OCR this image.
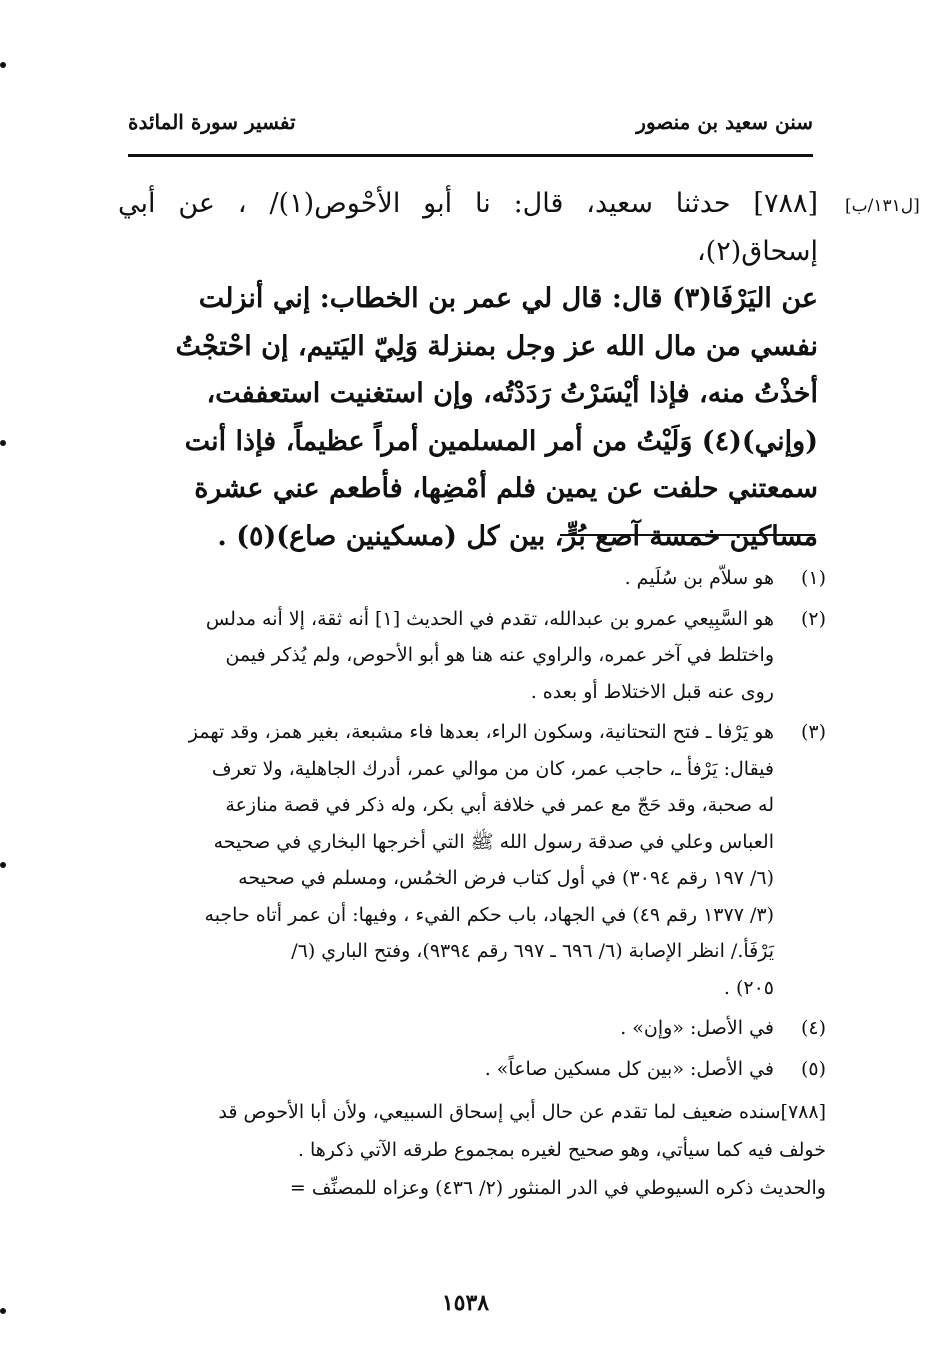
سنن سعيد بن منصور
تفسير سورة المائدة
[ل١٣١/ب]

[٧٨٨] حدثنا سعيد، قال: نا أبو الأحْوص(١)/ ، عن أبي إسحاق(٢)،

عن اليَرْفَا(٣) قال: قال لي عمر بن الخطاب: إني أنزلت

نفسي من مال الله عز وجل بمنزلة وَلِيّ اليَتيم، إن احْتجْتُ

أخذْتُ منه، فإذا أيْسَرْتُ رَدَدْتُه، وإن استغنيت استعففت،

(وإني)(٤) وَلَيْتُ من أمر المسلمين أمراً عظيماً، فإذا أنت

سمعتني حلفت عن يمين فلم أمْضِها، فأطعم عني عشرة

مساكين خمسة آصع بُرٍّ، بين كل (مسكينين صاع)(٥) .

(١)
هو سلاّم بن سُلَيم .
(٢)
هو السَّبِيعي عمرو بن عبدالله، تقدم في الحديث [١] أنه ثقة، إلا أنه مدلس
واختلط في آخر عمره، والراوي عنه هنا هو أبو الأحوص، ولم يُذكر فيمن
روى عنه قبل الاختلاط أو بعده .
(٣)
هو يَرْفا ـ فتح التحتانية، وسكون الراء، بعدها فاء مشبعة، بغير همز، وقد تهمز
فيقال: يَرْفأ ـ، حاجب عمر، كان من موالي عمر، أدرك الجاهلية، ولا تعرف
له صحبة، وقد حَجّ مع عمر في خلافة أبي بكر، وله ذكر في قصة منازعة
العباس وعلي في صدقة رسول الله ﷺ التي أخرجها البخاري في صحيحه
(٦/ ١٩٧ رقم ٣٠٩٤) في أول كتاب فرض الخمُس، ومسلم في صحيحه
(٣/ ١٣٧٧ رقم ٤٩) في الجهاد، باب حكم الفيء ، وفيها: أن عمر أتاه حاجبه
يَرْفَأ./ انظر الإصابة (٦/ ٦٩٦ ـ ٦٩٧ رقم ٩٣٩٤)، وفتح الباري (٦/
٢٠٥) .
(٤)
في الأصل: «وإن» .
(٥)
في الأصل: «بين كل مسكين صاعاً» .
[٧٨٨]سنده ضعيف لما تقدم عن حال أبي إسحاق السبيعي، ولأن أبا الأحوص قد
خولف فيه كما سيأتي، وهو صحيح لغيره بمجموع طرقه الآتي ذكرها .
والحديث ذكره السيوطي في الدر المنثور (٢/ ٤٣٦) وعزاه للمصنِّف =
١٥٣٨
